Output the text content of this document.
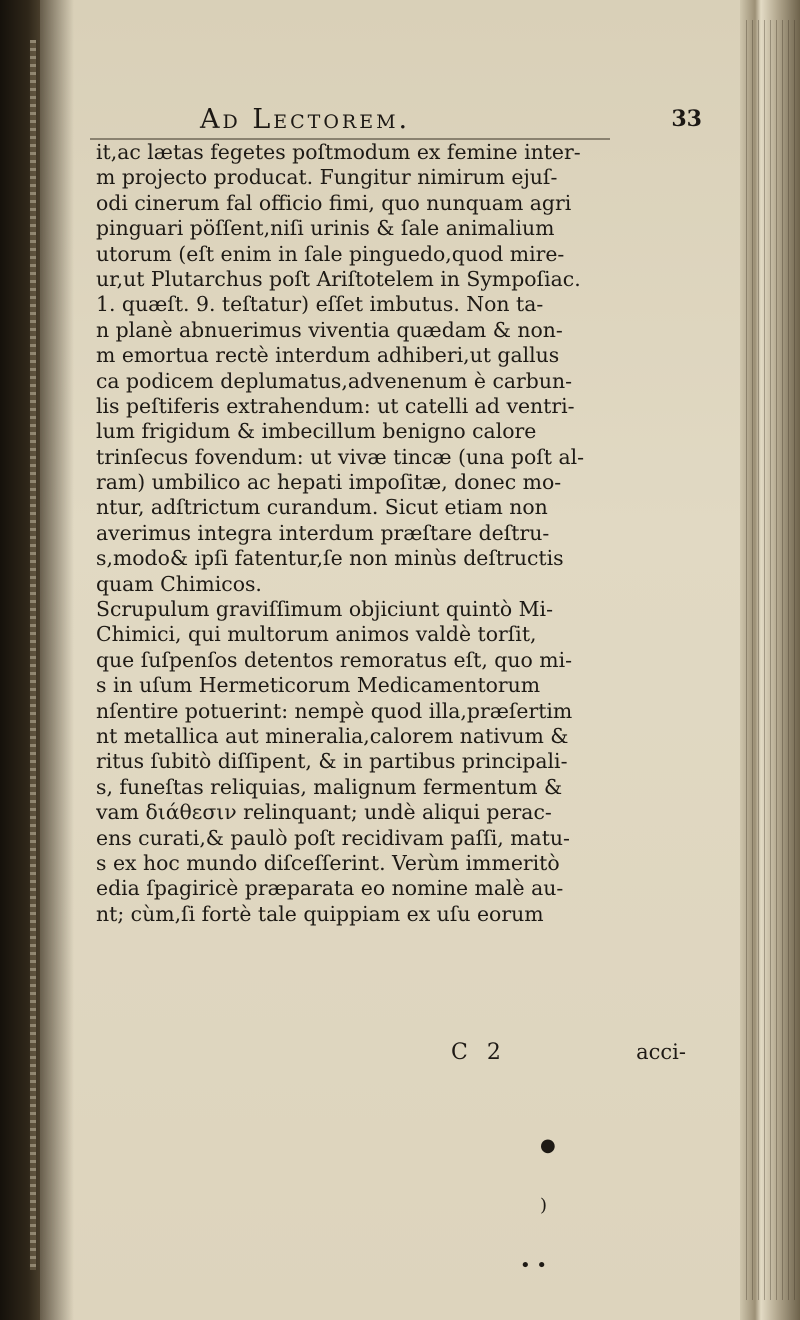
Ad Lectorem.	33
it,ac lætas fegetes poſtmodum ex femine inter-
m projecto producat. Fungitur nimirum ejuſ-
odi cinerum fal officio fimi, quo nunquam agri
pinguari pöſſent,niſi urinis & ſale animalium
utorum (eſt enim in ſale pinguedo,quod mire-
ur,ut Plutarchus poſt Ariſtotelem in Sympoſiac.
1. quæſt. 9. teſtatur) eſſet imbutus. Non ta-
n planè abnuerimus viventia quædam & non-
m emortua rectè interdum adhiberi,ut gallus
ca podicem deplumatus,advenenum è carbun-
lis peſtiferis extrahendum: ut catelli ad ventri-
lum frigidum & imbecillum benigno calore
trinſecus fovendum: ut vivæ tincæ (una poſt al-
ram) umbilico ac hepati impoſitæ, donec mo-
ntur, adſtrictum curandum. Sicut etiam non
averimus integra interdum præſtare deſtru-
s,modo& ipſi fatentur,ſe non minùs deſtructis
quam Chimicos.
Scrupulum graviſſimum objiciunt quintò Mi-
Chimici, qui multorum animos valdè torſit,
que ſuſpenſos detentos remoratus eſt, quo mi-
s in uſum Hermeticorum Medicamentorum
nſentire potuerint: nempè quod illa,præſertim
nt metallica aut mineralia,calorem nativum &
ritus ſubitò diſſipent, & in partibus principali-
s, funeſtas reliquias, malignum fermentum &
vam διάθεσιν relinquant; undè aliqui perac-
ens curati,& paulò poſt recidivam paſſi, matu-
s ex hoc mundo diſceſſerint. Verùm immeritò
edia ſpagiricè præparata eo nomine malè au-
nt; cùm,ſi fortè tale quippiam ex uſu eorum
C 2	acci-
●
)
• •
